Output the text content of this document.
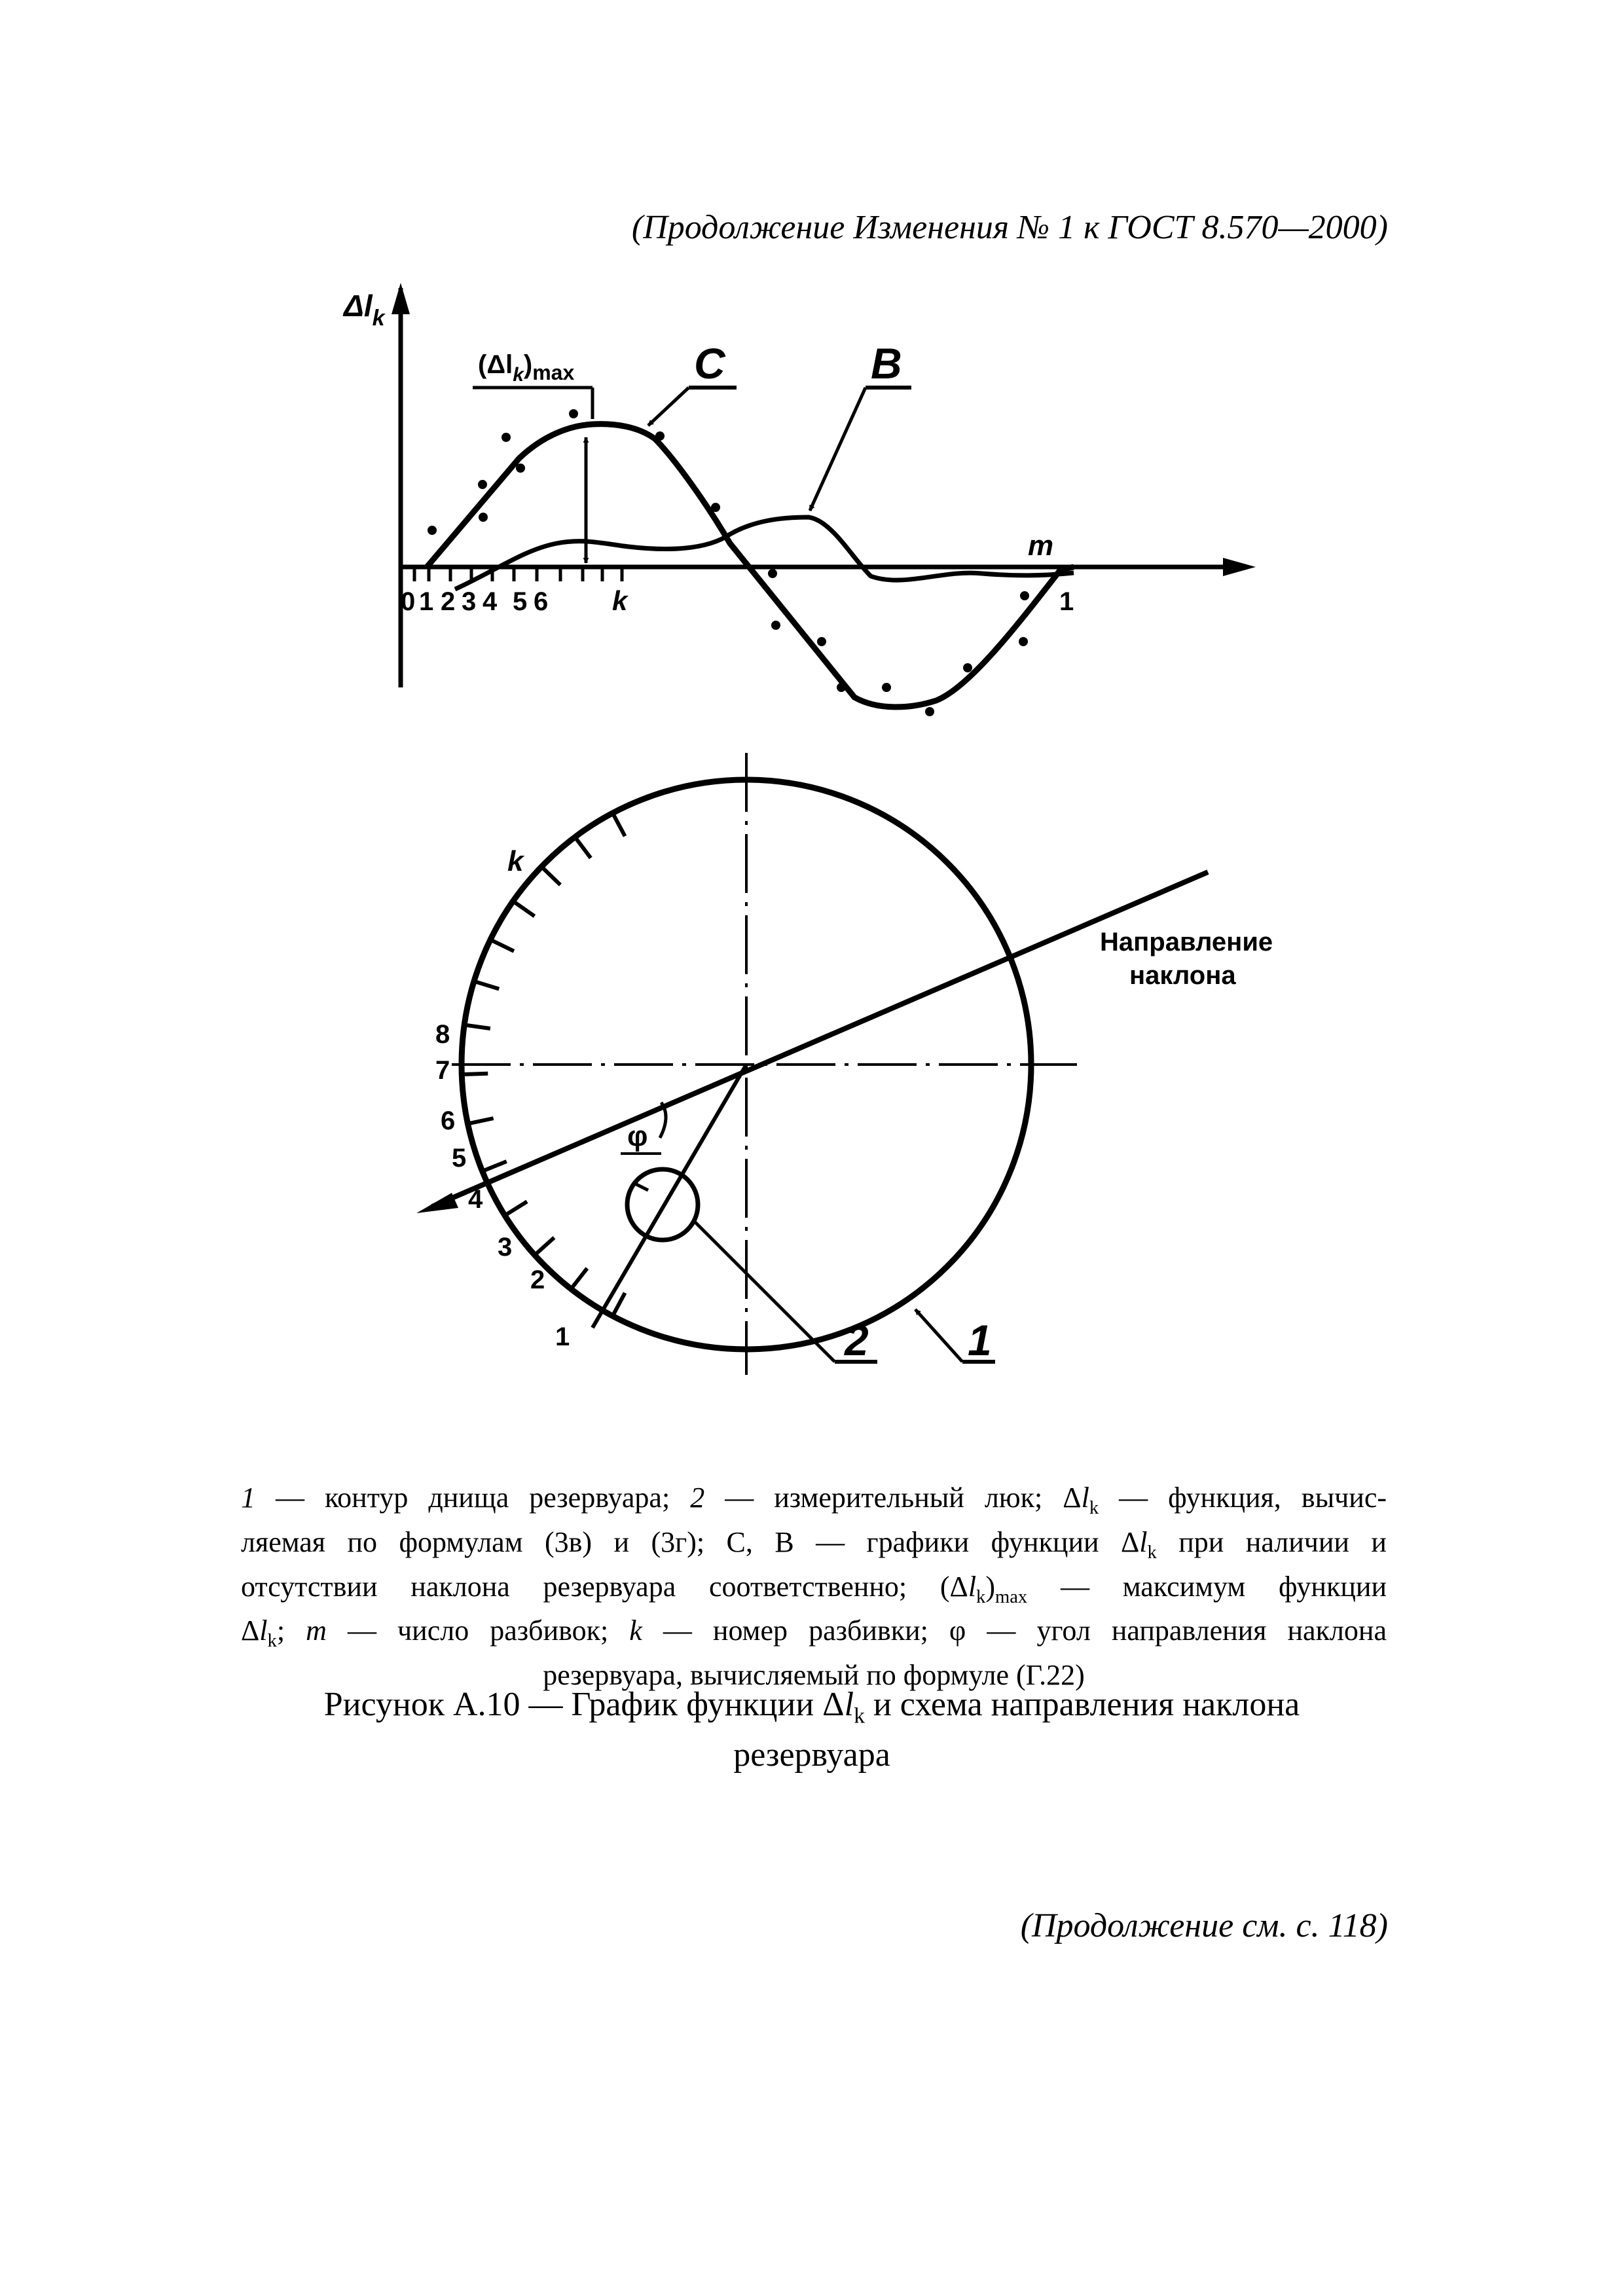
(Продолжение Изменения № 1 к ГОСТ 8.570—2000)
$\Delta l_k$
$(\Delta l_k)_{max}$	C	B
0 1 2 3 4 5 6 k
m
1
Направление
наклона
φ
2 1
k
8
7
6
5
4
3
2
1
1 — контур днища резервуара; 2 — измерительный люк; $\Delta l_k$ — функция, вычис-
ляемая по формулам (3в) и (3г); С, В — графики функции $\Delta l_k$ при наличии и
отсутствии наклона резервуара соответственно; $(\Delta l_k)_{max}$ — максимум функции
$\Delta l_k$; m — число разбивок; k — номер разбивки; φ — угол направления наклона
резервуара, вычисляемый по формуле (Г.22)
Рисунок А.10 — График функции $\Delta l_k$ и схема направления наклона
резервуара
(Продолжение см. с. 118)
